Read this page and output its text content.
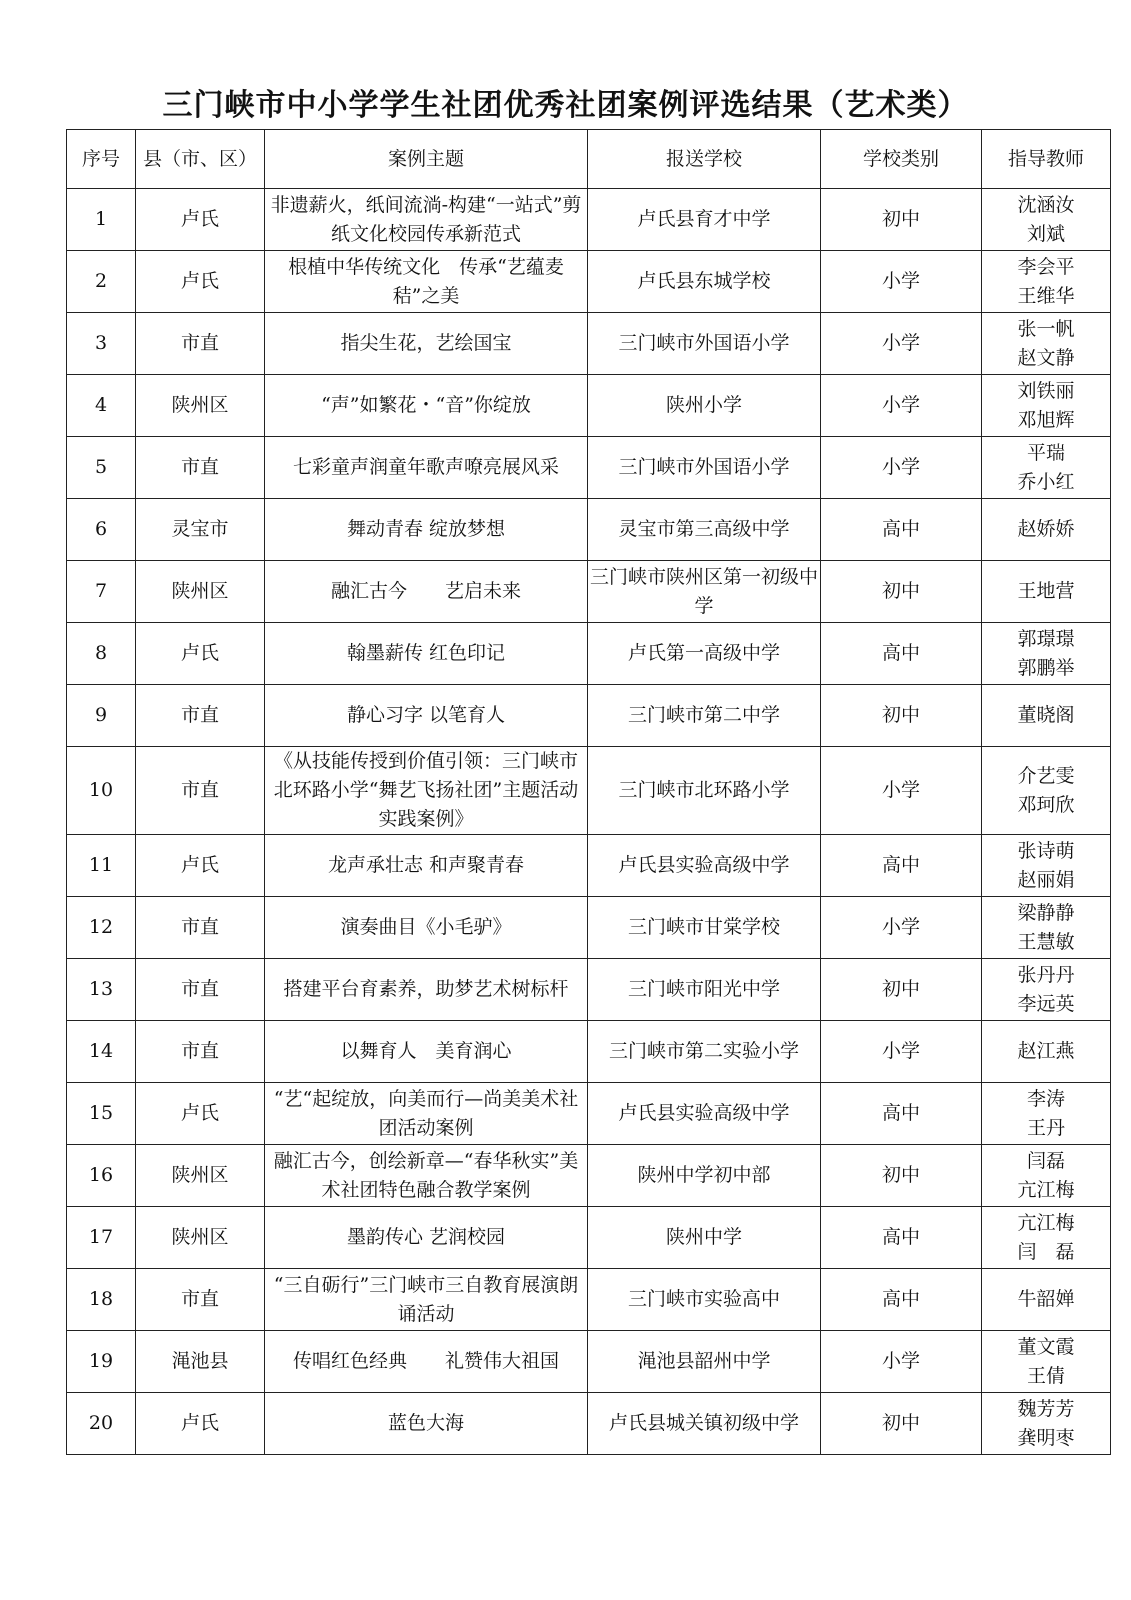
三门峡市中小学学生社团优秀社团案例评选结果（艺术类）
序号	县（市、区）	案例主题	报送学校	学校类别	指导教师
1	卢氏	非遗薪火，纸间流淌-构建“一站式”剪纸文化校园传承新范式	卢氏县育才中学	初中	沈涵汝
刘斌

2	卢氏	根植中华传统文化　传承“艺蕴麦秸”之美	卢氏县东城学校	小学	李会平
王维华

3	市直	指尖生花，艺绘国宝	三门峡市外国语小学	小学	张一帆
赵文静

4	陕州区	“声”如繁花・“音”你绽放	陕州小学	小学	刘铁丽
邓旭辉

5	市直	七彩童声润童年歌声嘹亮展风采	三门峡市外国语小学	小学	平瑞
乔小红

6	灵宝市	舞动青春 绽放梦想	灵宝市第三高级中学	高中	赵娇娇

7	陕州区	融汇古今　　艺启未来	三门峡市陕州区第一初级中学	初中	王地营

8	卢氏	翰墨薪传 红色印记	卢氏第一高级中学	高中	郭璟璟
郭鹏举

9	市直	静心习字 以笔育人	三门峡市第二中学	初中	董晓阁

10	市直	《从技能传授到价值引领：三门峡市北环路小学“舞艺飞扬社团”主题活动实践案例》	三门峡市北环路小学	小学	介艺雯
邓珂欣

11	卢氏	龙声承壮志 和声聚青春	卢氏县实验高级中学	高中	张诗萌
赵丽娟

12	市直	演奏曲目《小毛驴》	三门峡市甘棠学校	小学	梁静静
王慧敏

13	市直	搭建平台育素养，助梦艺术树标杆	三门峡市阳光中学	初中	张丹丹
李远英

14	市直	以舞育人　美育润心	三门峡市第二实验小学	小学	赵江燕

15	卢氏	“艺“起绽放，向美而行—尚美美术社团活动案例	卢氏县实验高级中学	高中	李涛
王丹

16	陕州区	融汇古今，创绘新章—“春华秋实”美术社团特色融合教学案例	陕州中学初中部	初中	闫磊
亢江梅

17	陕州区	墨韵传心 艺润校园	陕州中学	高中	亢江梅
闫　磊

18	市直	“三自砺行”三门峡市三自教育展演朗诵活动	三门峡市实验高中	高中	牛韶婵

19	渑池县	传唱红色经典　　礼赞伟大祖国	渑池县韶州中学	小学	董文霞
王倩

20	卢氏	蓝色大海	卢氏县城关镇初级中学	初中	魏芳芳
龚明枣
